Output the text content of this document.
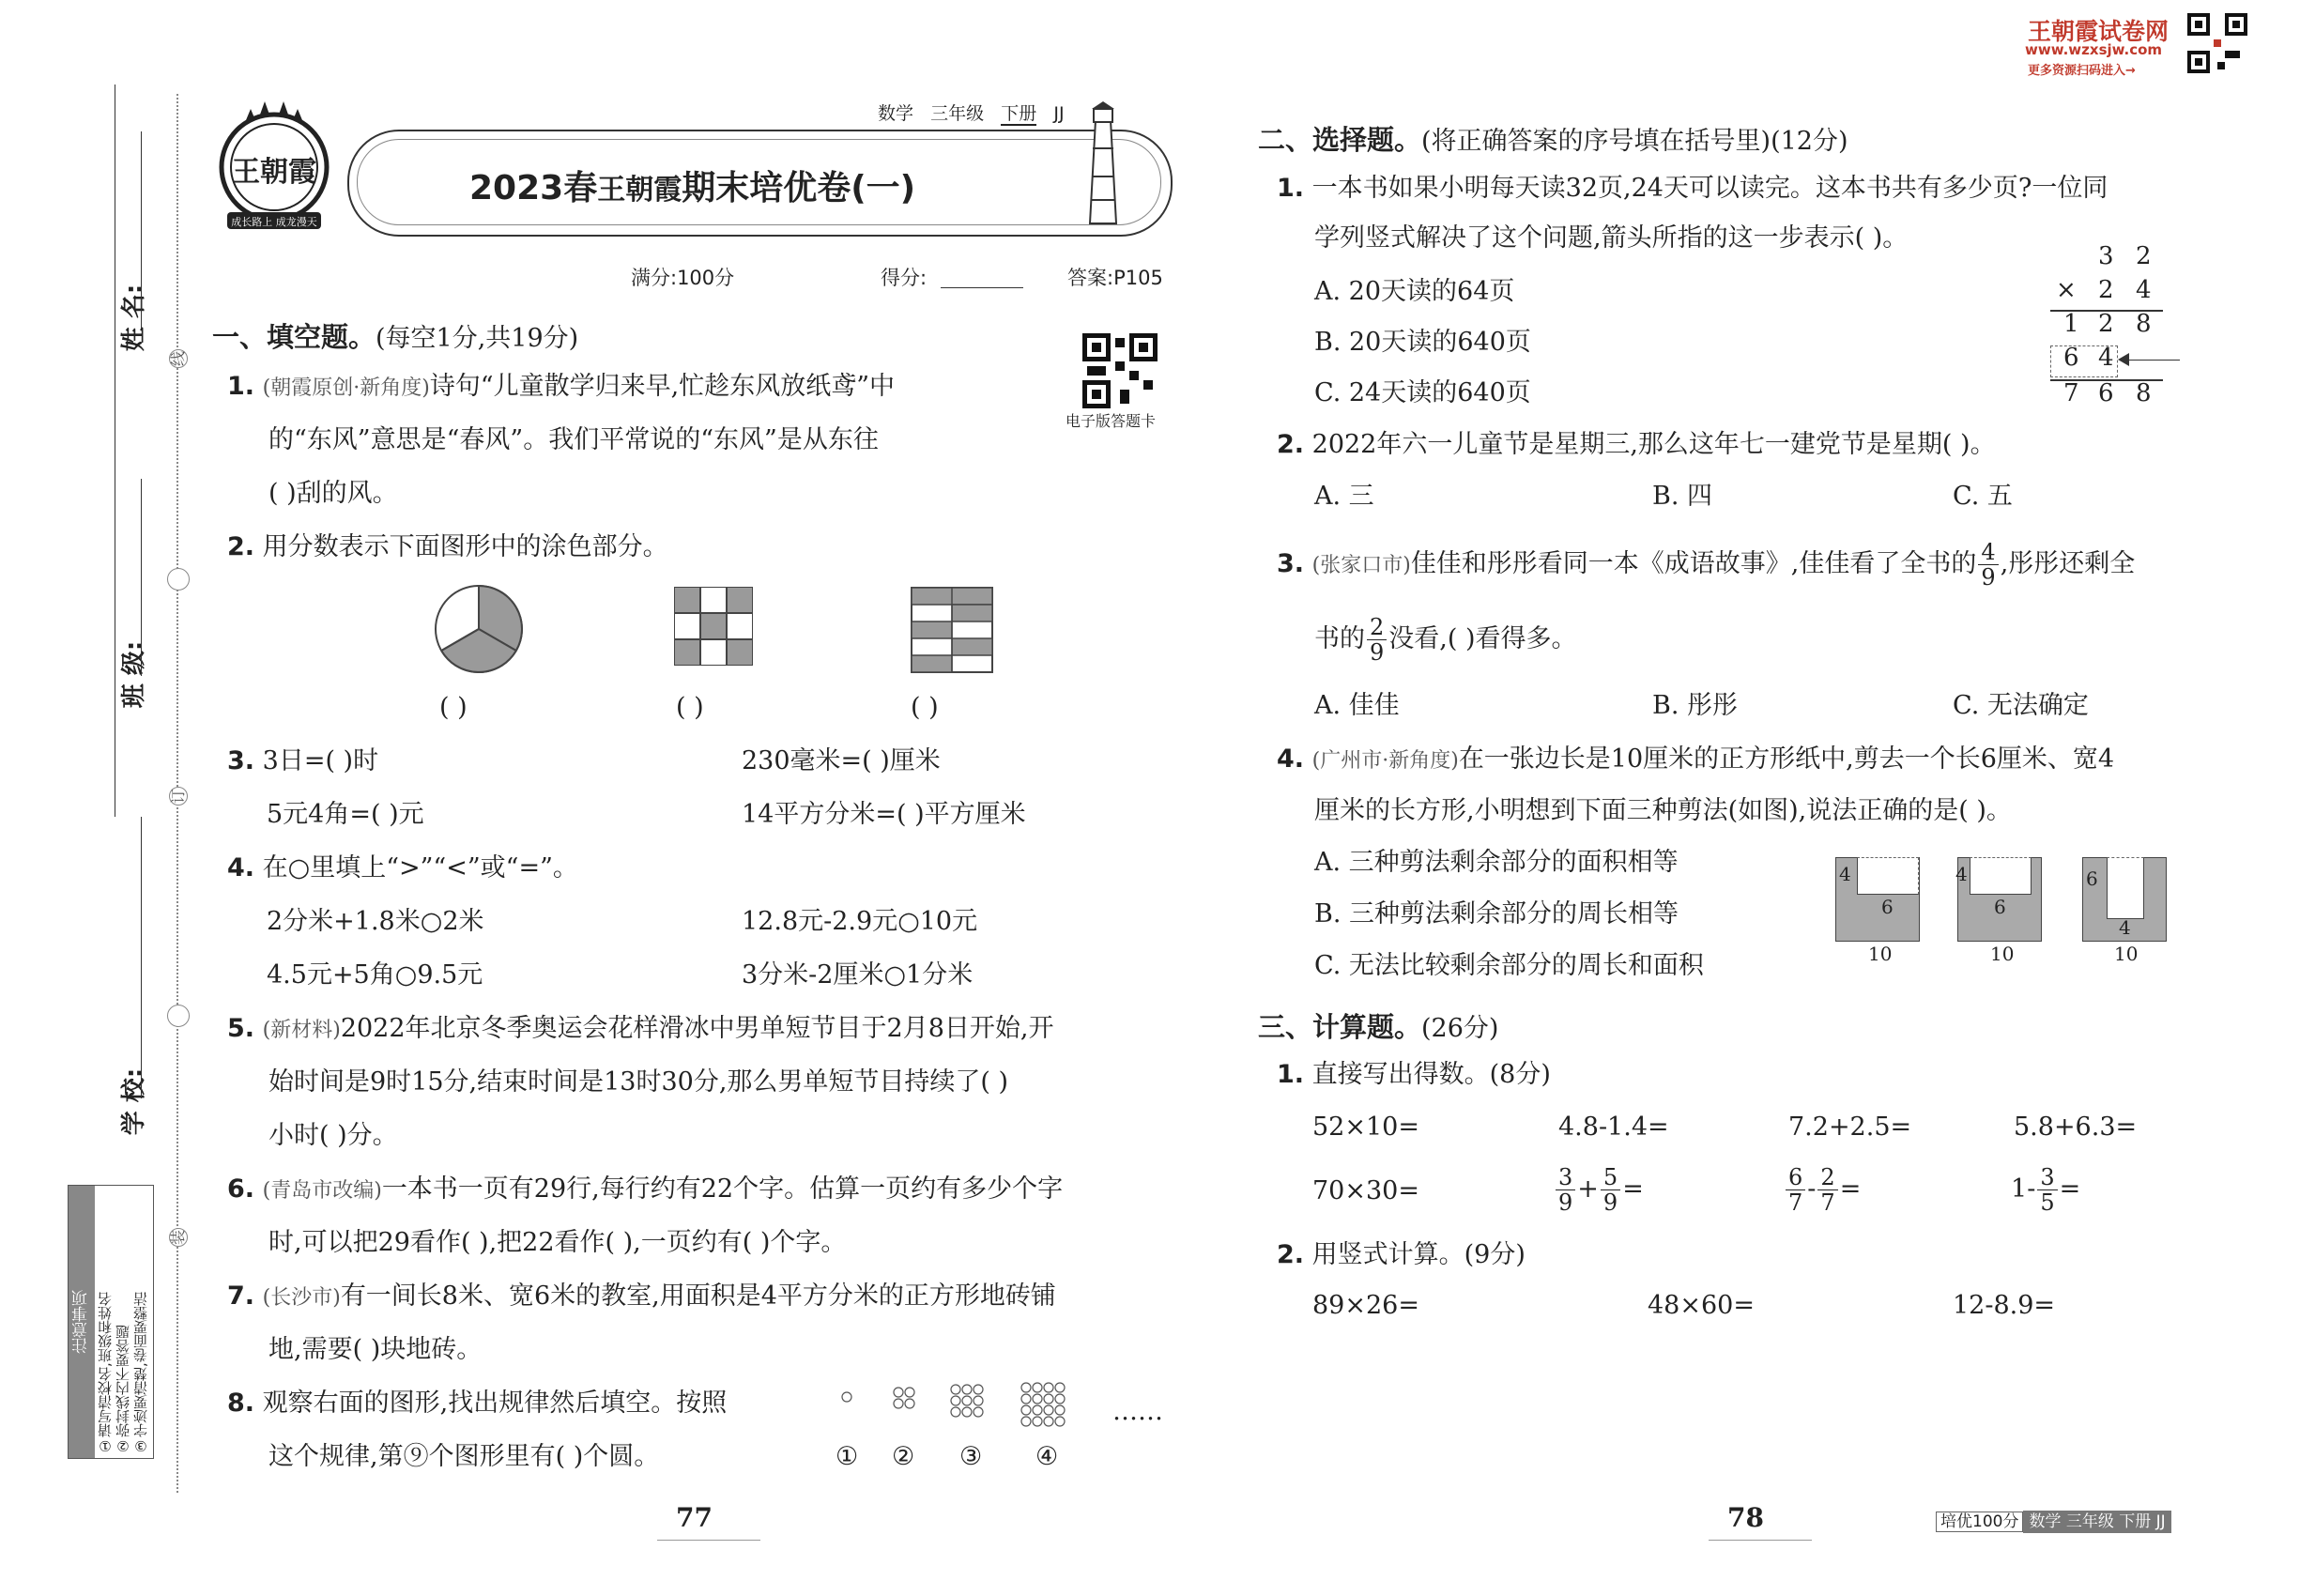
姓 名:
班 级:
学 校:
线
订
装
注意事项 ①请写清校名,班级和姓名
②弥封线内不要答题
③字迹要清楚,卷面要整洁
王朝霞
成长路上 成龙漫天
数学 三年级 下册 JJ
2023春王朝霞期末培优卷(一)
满分:100分	得分:	答案:P105
电子版答题卡
王朝霞试卷网
www.wzxsjw.com
更多资源扫码进入→
一、填空题。(每空1分,共19分)
1. (朝霞原创·新角度)诗句“儿童散学归来早,忙趁东风放纸鸢”中
的“东风”意思是“春风”。我们平常说的“东风”是从东往
( )刮的风。
2. 用分数表示下面图形中的涂色部分。
( )	( )	( )
3. 3日=( )时	230毫米=( )厘米
5元4角=( )元	14平方分米=( )平方厘米
4. 在○里填上“>”“<”或“=”。
2分米+1.8米○2米	12.8元-2.9元○10元
4.5元+5角○9.5元	3分米-2厘米○1分米
5. (新材料)2022年北京冬季奥运会花样滑冰中男单短节目于2月8日开始,开
始时间是9时15分,结束时间是13时30分,那么男单短节目持续了( )
小时( )分。
6. (青岛市改编)一本书一页有29行,每行约有22个字。估算一页约有多少个字
时,可以把29看作( ),把22看作( ),一页约有( )个字。
7. (长沙市)有一间长8米、宽6米的教室,用面积是4平方分米的正方形地砖铺
地,需要( )块地砖。
8. 观察右面的图形,找出规律然后填空。按照
这个规律,第⑨个图形里有( )个圆。
……
① ② ③ ④
77
二、选择题。(将正确答案的序号填在括号里)(12分)
1. 一本书如果小明每天读32页,24天可以读完。这本书共有多少页?一位同
学列竖式解决了这个问题,箭头所指的这一步表示( )。
A. 20天读的64页
B. 20天读的640页
C. 24天读的640页
3 2
× 2 4
1 2 8
6 4
7 6 8
2. 2022年六一儿童节是星期三,那么这年七一建党节是星期( )。
A. 三	B. 四	C. 五
3. (张家口市)佳佳和彤彤看同一本《成语故事》,佳佳看了全书的 $\frac{4}{9}$ ,彤彤还剩全
书的 $\frac{2}{9}$ 没看,( )看得多。
A. 佳佳	B. 彤彤	C. 无法确定
4. (广州市·新角度)在一张边长是10厘米的正方形纸中,剪去一个长6厘米、宽4
厘米的长方形,小明想到下面三种剪法(如图),说法正确的是( )。
A. 三种剪法剩余部分的面积相等
B. 三种剪法剩余部分的周长相等
C. 无法比较剩余部分的周长和面积
4
6
10
4
6
10
6
4
10
三、计算题。(26分)
1. 直接写出得数。(8分)
52×10=	4.8-1.4=	7.2+2.5=	5.8+6.3=
70×30=	$\frac{3}{9} + \frac{5}{9}$ =	$\frac{6}{7} - \frac{2}{7}$ =	$1- \frac{3}{5}$ =
2. 用竖式计算。(9分)
89×26=	48×60=	12-8.9=
78	培优100分 数学 三年级 下册 JJ
